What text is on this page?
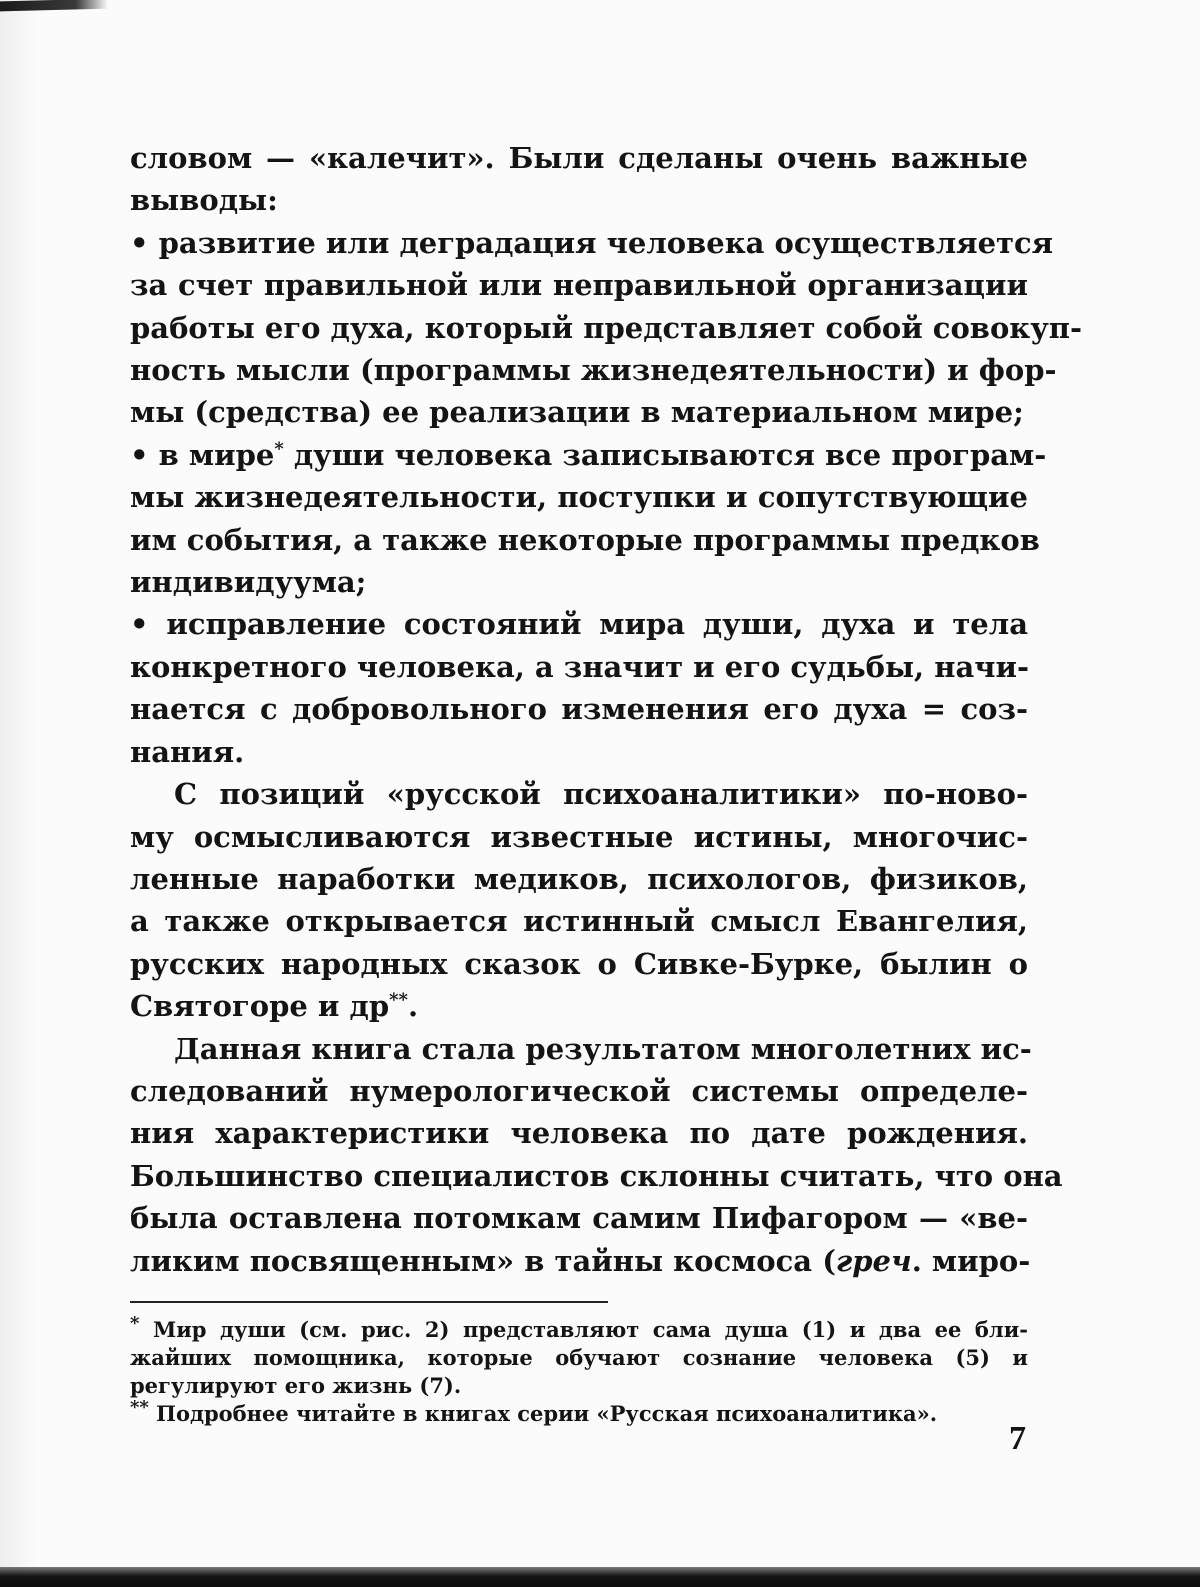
словом — «калечит». Были сделаны очень важные
выводы:
• развитие или деградация человека осуществляется
за счет правильной или неправильной организации
работы его духа, который представляет собой совокуп-
ность мысли (программы жизнедеятельности) и фор-
мы (средства) ее реализации в материальном мире;
• в мире* души человека записываются все програм-
мы жизнедеятельности, поступки и сопутствующие
им события, а также некоторые программы предков
индивидуума;
• исправление состояний мира души, духа и тела
конкретного человека, а значит и его судьбы, начи-
нается с добровольного изменения его духа = соз-
нания.
С позиций «русской психоаналитики» по-ново-
му осмысливаются известные истины, многочис-
ленные наработки медиков, психологов, физиков,
а также открывается истинный смысл Евангелия,
русских народных сказок о Сивке-Бурке, былин о
Святогоре и др**.
Данная книга стала результатом многолетних ис-
следований нумерологической системы определе-
ния характеристики человека по дате рождения.
Большинство специалистов склонны считать, что она
была оставлена потомкам самим Пифагором — «ве-
ликим посвященным» в тайны космоса (греч. миро-
* Мир души (см. рис. 2) представляют сама душа (1) и два ее бли-
жайших помощника, которые обучают сознание человека (5) и
регулируют его жизнь (7).
** Подробнее читайте в книгах серии «Русская психоаналитика».
7
